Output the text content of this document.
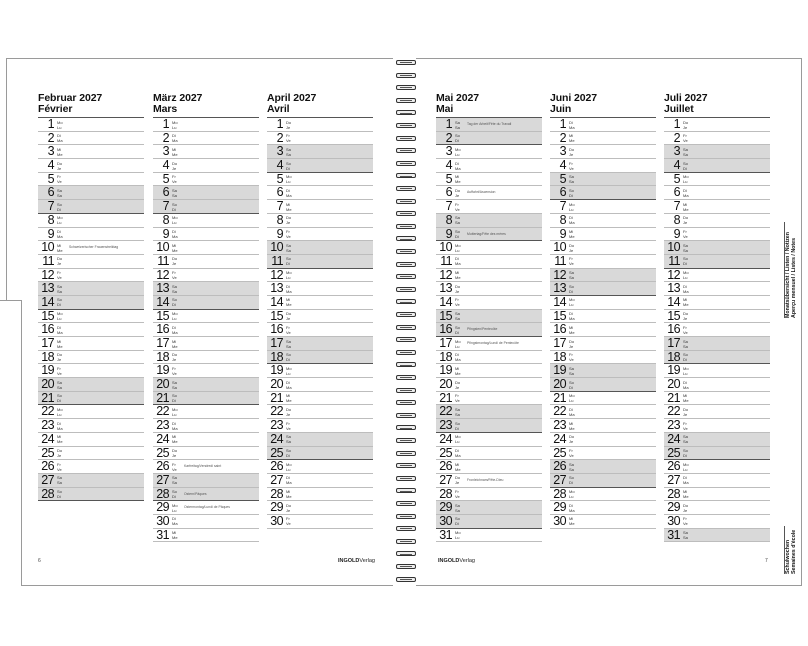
Februar 2027
Février
1 Mo
Lu
2 Di
Ma
3 Mi
Me
4 Do
Je
5 Fr
Ve
6 Sa
Sa
7 So
Di
8 Mo
Lu
9 Di
Ma
10 Mi
Me
Schweizerischer Frauenstreiktag
11 Do
Je
12 Fr
Ve
13 Sa
Sa
14 So
Di
15 Mo
Lu
16 Di
Ma
17 Mi
Me
18 Do
Je
19 Fr
Ve
20 Sa
Sa
21 So
Di
22 Mo
Lu
23 Di
Ma
24 Mi
Me
25 Do
Je
26 Fr
Ve
27 Sa
Sa
28 So
Di
März 2027
Mars
1 Mo
Lu
2 Di
Ma
3 Mi
Me
4 Do
Je
5 Fr
Ve
6 Sa
Sa
7 So
Di
8 Mo
Lu
9 Di
Ma
10 Mi
Me
11 Do
Je
12 Fr
Ve
13 Sa
Sa
14 So
Di
15 Mo
Lu
16 Di
Ma
17 Mi
Me
18 Do
Je
19 Fr
Ve
20 Sa
Sa
21 So
Di
22 Mo
Lu
23 Di
Ma
24 Mi
Me
25 Do
Je
26 Fr
Ve
Karfreitag/Vendredi saint
27 Sa
Sa
28 So
Di
Ostern/Pâques
29 Mo
Lu
Ostermontag/Lundi de Pâques
30 Di
Ma
31 Mi
Me
April 2027
Avril
1 Do
Je
2 Fr
Ve
3 Sa
Sa
4 So
Di
5 Mo
Lu
6 Di
Ma
7 Mi
Me
8 Do
Je
9 Fr
Ve
10 Sa
Sa
11 So
Di
12 Mo
Lu
13 Di
Ma
14 Mi
Me
15 Do
Je
16 Fr
Ve
17 Sa
Sa
18 So
Di
19 Mo
Lu
20 Di
Ma
21 Mi
Me
22 Do
Je
23 Fr
Ve
24 Sa
Sa
25 So
Di
26 Mo
Lu
27 Di
Ma
28 Mi
Me
29 Do
Je
30 Fr
Ve
Mai 2027
Mai
1 Sa
Sa
Tag der Arbeit/Fête du Travail
2 So
Di
3 Mo
Lu
4 Di
Ma
5 Mi
Me
6 Do
Je
Auffahrt/Ascension
7 Fr
Ve
8 Sa
Sa
9 So
Di
Muttertag/Fête des mères
10 Mo
Lu
11 Di
Ma
12 Mi
Me
13 Do
Je
14 Fr
Ve
15 Sa
Sa
16 So
Di
Pfingsten/Pentecôte
17 Mo
Lu
Pfingstmontag/Lundi de Pentecôte
18 Di
Ma
19 Mi
Me
20 Do
Je
21 Fr
Ve
22 Sa
Sa
23 So
Di
24 Mo
Lu
25 Di
Ma
26 Mi
Me
27 Do
Je
Fronleichnam/Fête-Dieu
28 Fr
Ve
29 Sa
Sa
30 So
Di
31 Mo
Lu
Juni 2027
Juin
1 Di
Ma
2 Mi
Me
3 Do
Je
4 Fr
Ve
5 Sa
Sa
6 So
Di
7 Mo
Lu
8 Di
Ma
9 Mi
Me
10 Do
Je
11 Fr
Ve
12 Sa
Sa
13 So
Di
14 Mo
Lu
15 Di
Ma
16 Mi
Me
17 Do
Je
18 Fr
Ve
19 Sa
Sa
20 So
Di
21 Mo
Lu
22 Di
Ma
23 Mi
Me
24 Do
Je
25 Fr
Ve
26 Sa
Sa
27 So
Di
28 Mo
Lu
29 Di
Ma
30 Mi
Me
Juli 2027
Juillet
1 Do
Je
2 Fr
Ve
3 Sa
Sa
4 So
Di
5 Mo
Lu
6 Di
Ma
7 Mi
Me
8 Do
Je
9 Fr
Ve
10 Sa
Sa
11 So
Di
12 Mo
Lu
13 Di
Ma
14 Mi
Me
15 Do
Je
16 Fr
Ve
17 Sa
Sa
18 So
Di
19 Mo
Lu
20 Di
Ma
21 Mi
Me
22 Do
Je
23 Fr
Ve
24 Sa
Sa
25 So
Di
26 Mo
Lu
27 Di
Ma
28 Mi
Me
29 Do
Je
30 Fr
Ve
31 Sa
Sa
INGOLDVerlag	INGOLDVerlag
6	7
Monatsübersicht / Listen / Notizen Aperçu mensuel / Listes / Notes
Schulwochen Semaines d'école
